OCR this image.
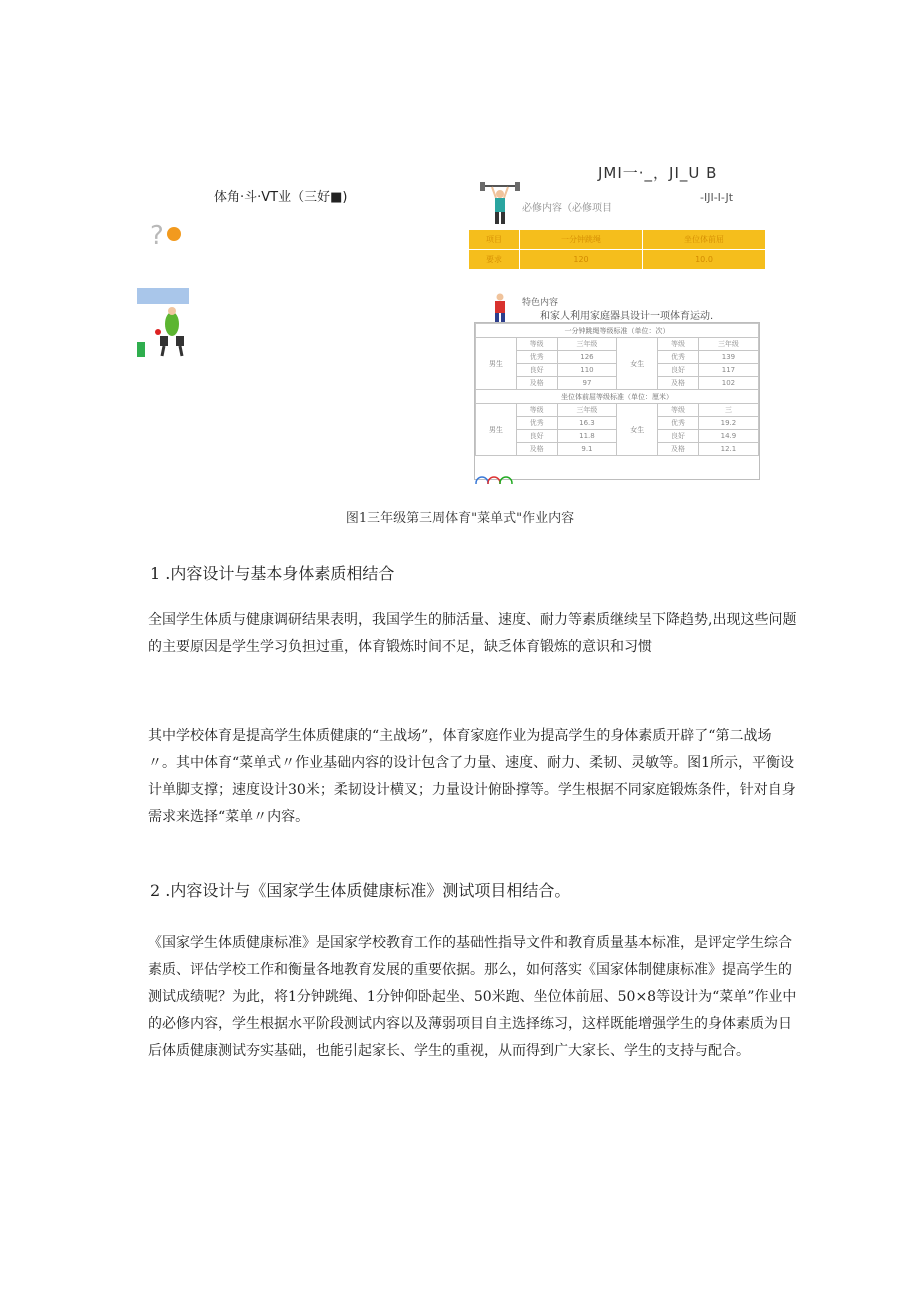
体角·斗·VT业（三好■)
?
JMI一·_，JI_U B
-IJI-I-Jt
必修内容（必修项目
项目	一分钟跳绳	坐位体前屈
要求	120	10.0
特色内容
和家人利用家庭器具设计一项体育运动.
一分钟跳绳等级标准（单位：次）					
男生	等级	三年级	女生	等级	三年级
	优秀	126		优秀	139
	良好	110		良好	117
	及格	97		及格	102
坐位体前屈等级标准（单位：厘米）					
男生	等级	三年级	女生	等级	三
	优秀	16.3		优秀	19.2
	良好	11.8		良好	14.9
	及格	9.1		及格	12.1
图1三年级第三周体育"菜单式"作业内容
1 .内容设计与基本身体素质相结合
全国学生体质与健康调研结果表明，我国学生的肺活量、速度、耐力等素质继续呈下降趋势,出现这些问题的主要原因是学生学习负担过重，体育锻炼时间不足，缺乏体育锻炼的意识和习惯
其中学校体育是提高学生体质健康的“主战场”，体育家庭作业为提高学生的身体素质开辟了“第二战场〃。其中体育“菜单式〃作业基础内容的设计包含了力量、速度、耐力、柔韧、灵敏等。图1所示，平衡设计单脚支撑；速度设计30米；柔韧设计横叉；力量设计俯卧撑等。学生根据不同家庭锻炼条件，针对自身需求来选择“菜单〃内容。
2 .内容设计与《国家学生体质健康标准》测试项目相结合。
《国家学生体质健康标准》是国家学校教育工作的基础性指导文件和教育质量基本标准，是评定学生综合素质、评估学校工作和衡量各地教育发展的重要依据。那么，如何落实《国家体制健康标准》提高学生的测试成绩呢？为此，将1分钟跳绳、1分钟仰卧起坐、50米跑、坐位体前屈、50×8等设计为“菜单”作业中的必修内容，学生根据水平阶段测试内容以及薄弱项目自主选择练习，这样既能增强学生的身体素质为日后体质健康测试夯实基础，也能引起家长、学生的重视，从而得到广大家长、学生的支持与配合。
